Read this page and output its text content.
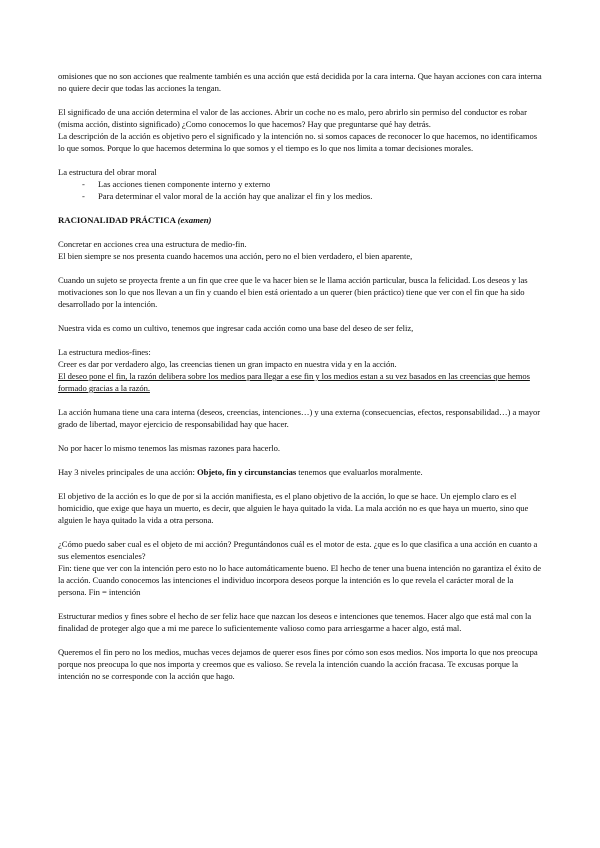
omisiones que no son acciones que realmente también es una acción que está decidida por la cara interna. Que hayan acciones con cara interna no quiere decir que todas las acciones la tengan.

El significado de una acción determina el valor de las acciones. Abrir un coche no es malo, pero abrirlo sin permiso del conductor es robar (misma acción, distinto significado) ¿Como conocemos lo que hacemos? Hay que preguntarse qué hay detrás.

La descripción de la acción es objetivo pero el significado y la intención no. si somos capaces de reconocer lo que hacemos, no identificamos lo que somos. Porque lo que hacemos determina lo que somos y el tiempo es lo que nos limita a tomar decisiones morales.

La estructura del obrar moral

- Las acciones tienen componente interno y externo
- Para determinar el valor moral de la acción hay que analizar el fin y los medios.

RACIONALIDAD PRÁCTICA (examen)

Concretar en acciones crea una estructura de medio-fin.

El bien siempre se nos presenta cuando hacemos una acción, pero no el bien verdadero, el bien aparente,

Cuando un sujeto se proyecta frente a un fin que cree que le va hacer bien se le llama acción particular, busca la felicidad. Los deseos y las motivaciones son lo que nos llevan a un fin y cuando el bien está orientado a un querer (bien práctico) tiene que ver con el fin que ha sido desarrollado por la intención.

Nuestra vida es como un cultivo, tenemos que ingresar cada acción como una base del deseo de ser feliz,

La estructura medios-fines:

Creer es dar por verdadero algo, las creencias tienen un gran impacto en nuestra vida y en la acción.

El deseo pone el fin, la razón delibera sobre los medios para llegar a ese fin y los medios estan a su vez basados en las creencias que hemos formado gracias a la razón.

La acción humana tiene una cara interna (deseos, creencias, intenciones…) y una externa (consecuencias, efectos, responsabilidad…) a mayor grado de libertad, mayor ejercicio de responsabilidad hay que hacer.

No por hacer lo mismo tenemos las mismas razones para hacerlo.

Hay 3 niveles principales de una acción: Objeto, fin y circunstancias tenemos que evaluarlos moralmente.

El objetivo de la acción es lo que de por si la acción manifiesta, es el plano objetivo de la acción, lo que se hace. Un ejemplo claro es el homicidio, que exige que haya un muerto, es decir, que alguien le haya quitado la vida. La mala acción no es que haya un muerto, sino que alguien le haya quitado la vida a otra persona.

¿Cómo puedo saber cual es el objeto de mi acción? Preguntándonos cuál es el motor de esta. ¿que es lo que clasifica a una acción en cuanto a sus elementos esenciales?

Fin: tiene que ver con la intención pero esto no lo hace automáticamente bueno. El hecho de tener una buena intención no garantiza el éxito de la acción. Cuando conocemos las intenciones el individuo incorpora deseos porque la intención es lo que revela el carácter moral de la persona. Fin = intención

Estructurar medios y fines sobre el hecho de ser feliz hace que nazcan los deseos e intenciones que tenemos. Hacer algo que está mal con la finalidad de proteger algo que a mi me parece lo suficientemente valioso como para arriesgarme a hacer algo, está mal.

Queremos el fin pero no los medios, muchas veces dejamos de querer esos fines por cómo son esos medios. Nos importa lo que nos preocupa porque nos preocupa lo que nos importa y creemos que es valioso. Se revela la intención cuando la acción fracasa. Te excusas porque la intención no se corresponde con la acción que hago.
